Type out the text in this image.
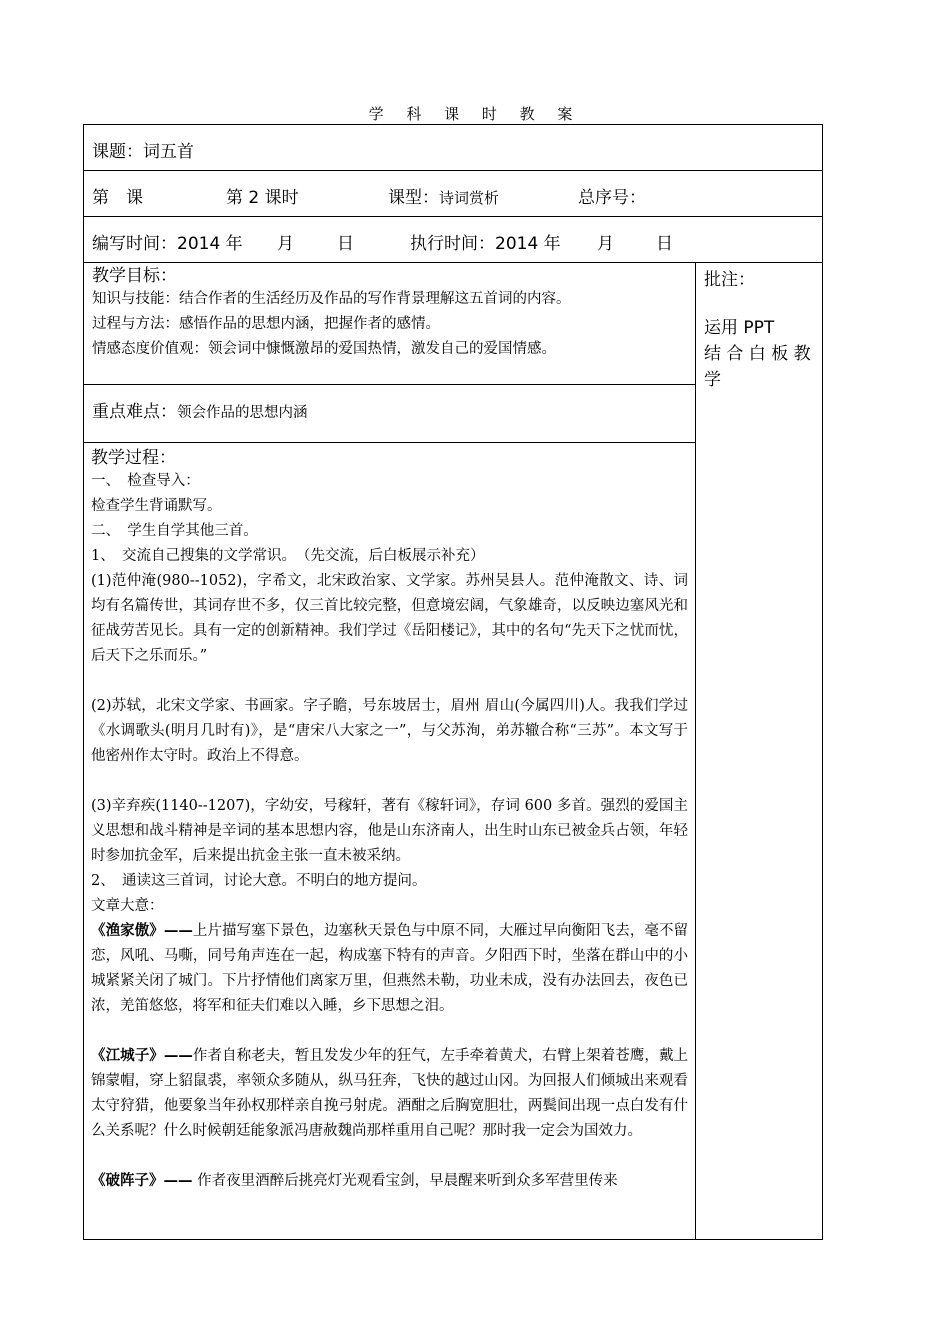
学 科 课 时 教 案
课题：词五首
第　课	第 2 课时	课型：诗词赏析	总序号：
编写时间：2014 年 月	日	执行时间：2014 年 月 日
教学目标：
知识与技能：结合作者的生活经历及作品的写作背景理解这五首词的内容。
过程与方法：感悟作品的思想内涵，把握作者的感情。
情感态度价值观：领会词中慷慨激昂的爱国热情，激发自己的爱国情感。
重点难点：领会作品的思想内涵
教学过程：
一、　检查导入：
检查学生背诵默写。
二、　学生自学其他三首。
1、　交流自己搜集的文学常识。　（先交流，后白板展示补充）

(1)范仲淹(980--1052)，字希文，北宋政治家、文学家。苏州吴县人。范仲淹散文、诗、词均有名篇传世，其词存世不多，仅三首比较完整，但意境宏阔，气象雄奇，以反映边塞风光和征战劳苦见长。具有一定的创新精神。我们学过《岳阳楼记》，其中的名句“先天下之忧而忧，后天下之乐而乐。”

(2)苏轼，北宋文学家、书画家。字子瞻，号东坡居士，眉州 眉山(今属四川)人。我我们学过《水调歌头(明月几时有)》，是“唐宋八大家之一”，与父苏洵，弟苏辙合称“三苏”。本文写于他密州作太守时。政治上不得意。

(3)辛弃疾(1140--1207)，字幼安，号稼轩，著有《稼轩词》，存词 600 多首。强烈的爱国主义思想和战斗精神是辛词的基本思想内容，他是山东济南人，出生时山东已被金兵占领，年轻时参加抗金军，后来提出抗金主张一直未被采纳。

2、　通读这三首词，讨论大意。不明白的地方提问。
文章大意：

《渔家傲》——上片描写塞下景色，边塞秋天景色与中原不同，大雁过早向衡阳飞去，毫不留恋，风吼、马嘶，同号角声连在一起，构成塞下特有的声音。夕阳西下时，坐落在群山中的小城紧紧关闭了城门。下片抒情他们离家万里，但燕然未勒，功业未成，没有办法回去，夜色已浓，羌笛悠悠，将军和征夫们难以入睡，乡下思想之泪。

《江城子》——作者自称老夫，暂且发发少年的狂气，左手牵着黄犬，右臂上架着苍鹰，戴上锦蒙帽，穿上貂鼠裘，率领众多随从，纵马狂奔，飞快的越过山冈。为回报人们倾城出来观看太守狩猎，他要象当年孙权那样亲自挽弓射虎。酒酣之后胸宽胆壮，两鬓间出现一点白发有什么关系呢？什么时候朝廷能象派冯唐赦魏尚那样重用自己呢？那时我一定会为国效力。

《破阵子》—— 作者夜里酒醉后挑亮灯光观看宝剑，早晨醒来听到众多军营里传来

批注：
运用 PPT
结 合 白 板 教
学
